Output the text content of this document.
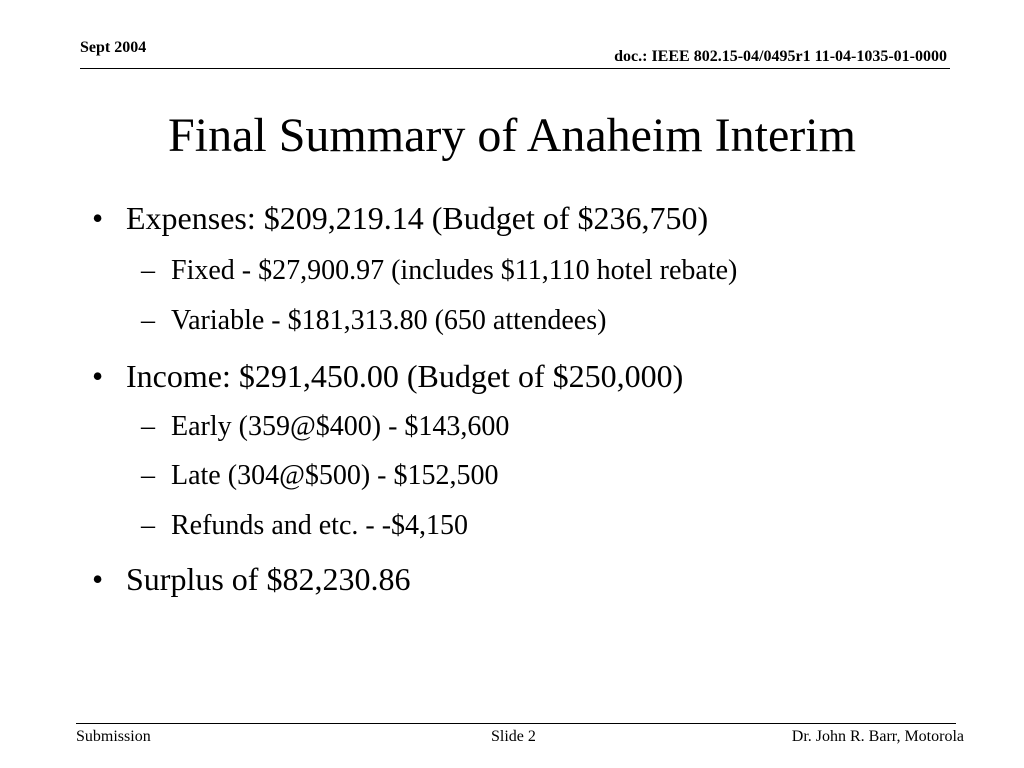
Sept 2004
doc.: IEEE 802.15-04/0495r1 11-04-1035-01-0000
Final Summary of Anaheim Interim
• Expenses: $209,219.14 (Budget of $236,750)
– Fixed - $27,900.97 (includes $11,110 hotel rebate)
– Variable - $181,313.80 (650 attendees)
• Income: $291,450.00 (Budget of $250,000)
– Early (359@$400) - $143,600
– Late (304@$500) - $152,500
– Refunds and etc. - -$4,150
• Surplus of $82,230.86
Submission	Slide 2	Dr. John R. Barr, Motorola
